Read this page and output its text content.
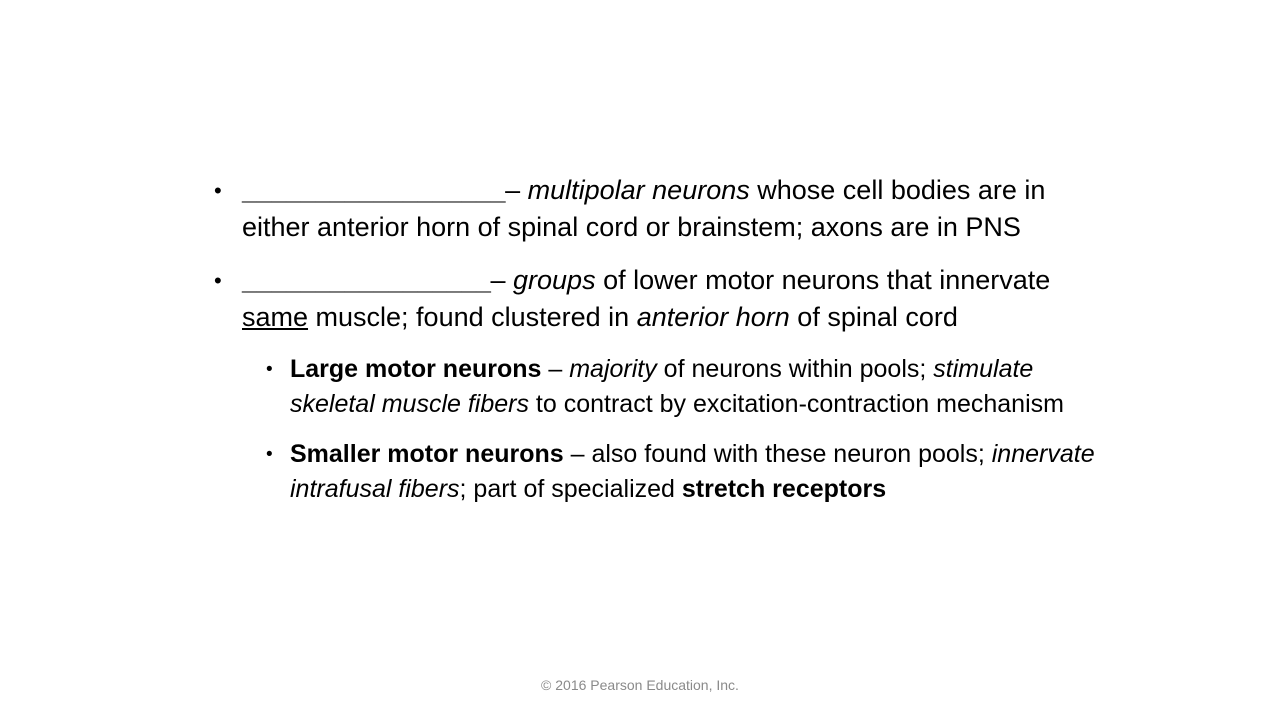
• __________________– multipolar neurons whose cell bodies are in either anterior horn of spinal cord or brainstem; axons are in PNS
• _________________– groups of lower motor neurons that innervate same muscle; found clustered in anterior horn of spinal cord
• Large motor neurons – majority of neurons within pools; stimulate skeletal muscle fibers to contract by excitation-contraction mechanism
• Smaller motor neurons – also found with these neuron pools; innervate intrafusal fibers; part of specialized stretch receptors
© 2016 Pearson Education, Inc.
